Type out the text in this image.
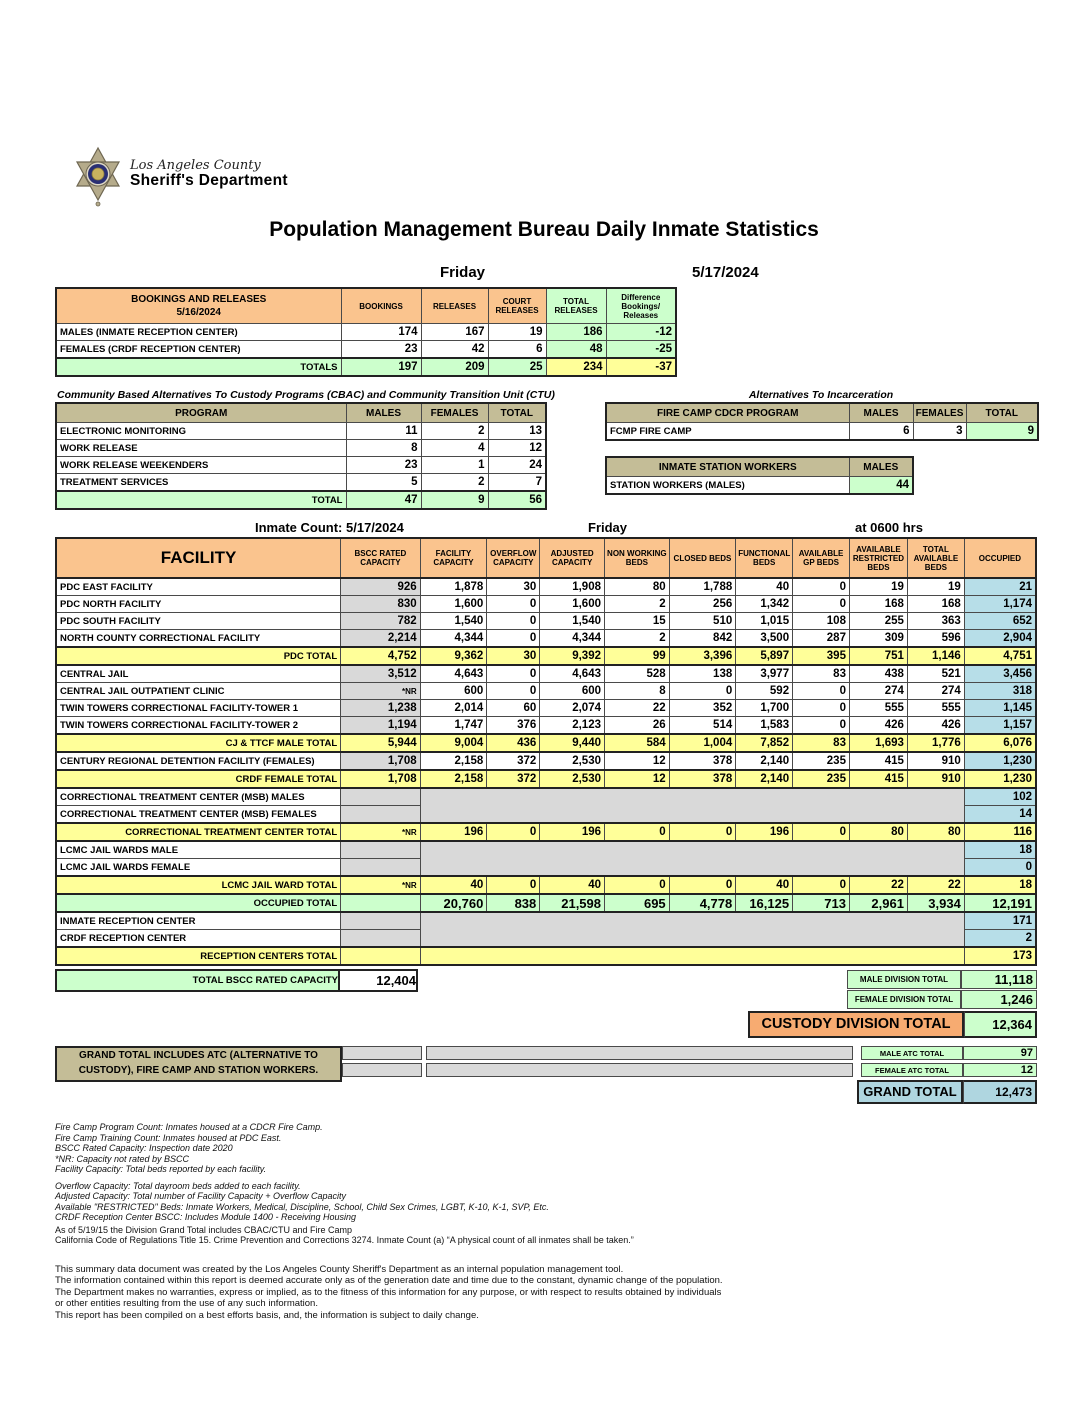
Los Angeles County
Sheriff's Department
Population Management Bureau Daily Inmate Statistics
Friday	5/17/2024
BOOKINGS AND RELEASES
5/16/2024	BOOKINGS	RELEASES	COURT RELEASES	TOTAL RELEASES	Difference Bookings/ Releases
MALES (INMATE RECEPTION CENTER)	174	167	19	186	-12
FEMALES (CRDF RECEPTION CENTER)	23	42	6	48	-25
TOTALS	197	209	25	234	-37
Community Based Alternatives To Custody Programs (CBAC) and Community Transition Unit (CTU)
PROGRAM	MALES	FEMALES	TOTAL
ELECTRONIC MONITORING	11	2	13
WORK RELEASE	8	4	12
WORK RELEASE WEEKENDERS	23	1	24
TREATMENT SERVICES	5	2	7
TOTAL	47	9	56
Alternatives To Incarceration
FIRE CAMP CDCR PROGRAM	MALES	FEMALES	TOTAL
FCMP FIRE CAMP	6	3	9
INMATE STATION WORKERS	MALES
STATION WORKERS (MALES)	44
Inmate Count: 5/17/2024	Friday	at 0600 hrs
FACILITY	BSCC RATED CAPACITY	FACILITY CAPACITY	OVERFLOW CAPACITY	ADJUSTED CAPACITY	NON WORKING BEDS	CLOSED BEDS	FUNCTIONAL BEDS	AVAILABLE GP BEDS	AVAILABLE RESTRICTED BEDS	TOTAL AVAILABLE BEDS	OCCUPIED
PDC EAST FACILITY	926	1,878	30	1,908	80	1,788	40	0	19	19	21
PDC NORTH FACILITY	830	1,600	0	1,600	2	256	1,342	0	168	168	1,174
PDC SOUTH FACILITY	782	1,540	0	1,540	15	510	1,015	108	255	363	652
NORTH COUNTY CORRECTIONAL FACILITY	2,214	4,344	0	4,344	2	842	3,500	287	309	596	2,904
PDC TOTAL	4,752	9,362	30	9,392	99	3,396	5,897	395	751	1,146	4,751
CENTRAL JAIL	3,512	4,643	0	4,643	528	138	3,977	83	438	521	3,456
CENTRAL JAIL OUTPATIENT CLINIC	*NR	600	0	600	8	0	592	0	274	274	318
TWIN TOWERS CORRECTIONAL FACILITY-TOWER 1	1,238	2,014	60	2,074	22	352	1,700	0	555	555	1,145
TWIN TOWERS CORRECTIONAL FACILITY-TOWER 2	1,194	1,747	376	2,123	26	514	1,583	0	426	426	1,157
CJ & TTCF MALE TOTAL	5,944	9,004	436	9,440	584	1,004	7,852	83	1,693	1,776	6,076
CENTURY REGIONAL DETENTION FACILITY (FEMALES)	1,708	2,158	372	2,530	12	378	2,140	235	415	910	1,230
CRDF FEMALE TOTAL	1,708	2,158	372	2,530	12	378	2,140	235	415	910	1,230
CORRECTIONAL TREATMENT CENTER (MSB) MALES											102
CORRECTIONAL TREATMENT CENTER (MSB) FEMALES											14
CORRECTIONAL TREATMENT CENTER TOTAL	*NR	196	0	196	0	0	196	0	80	80	116
LCMC JAIL WARDS MALE											18
LCMC JAIL WARDS FEMALE											0
LCMC JAIL WARD TOTAL	*NR	40	0	40	0	0	40	0	22	22	18
OCCUPIED TOTAL		20,760	838	21,598	695	4,778	16,125	713	2,961	3,934	12,191
INMATE RECEPTION CENTER											171
CRDF RECEPTION CENTER											2
RECEPTION CENTERS TOTAL											173
TOTAL BSCC RATED CAPACITY	12,404	MALE DIVISION TOTAL	11,118
FEMALE DIVISION TOTAL	1,246
CUSTODY DIVISION TOTAL	12,364
GRAND TOTAL INCLUDES ATC (ALTERNATIVE TO
CUSTODY), FIRE CAMP AND STATION WORKERS.
MALE ATC TOTAL	97
FEMALE ATC TOTAL	12
GRAND TOTAL	12,473
Fire Camp Program Count: Inmates housed at a CDCR Fire Camp.
Fire Camp Training Count: Inmates housed at PDC East.
BSCC Rated Capacity: Inspection date 2020
*NR: Capacity not rated by BSCC
Facility Capacity: Total beds reported by each facility.
Overflow Capacity: Total dayroom beds added to each facility.
Adjusted Capacity: Total number of Facility Capacity + Overflow Capacity
Available "RESTRICTED" Beds: Inmate Workers, Medical, Discipline, School, Child Sex Crimes, LGBT, K-10, K-1, SVP, Etc.
CRDF Reception Center BSCC: Includes Module 1400 - Receiving Housing
As of 5/19/15 the Division Grand Total includes CBAC/CTU and Fire Camp
California Code of Regulations Title 15. Crime Prevention and Corrections 3274. Inmate Count (a) “A physical count of all inmates shall be taken.”
This summary data document was created by the Los Angeles County Sheriff's Department as an internal population management tool.
The information contained within this report is deemed accurate only as of the generation date and time due to the constant, dynamic change of the population.
The Department makes no warranties, express or implied, as to the fitness of this information for any purpose, or with respect to results obtained by individuals
or other entities resulting from the use of any such information.
This report has been compiled on a best efforts basis, and, the information is subject to daily change.
